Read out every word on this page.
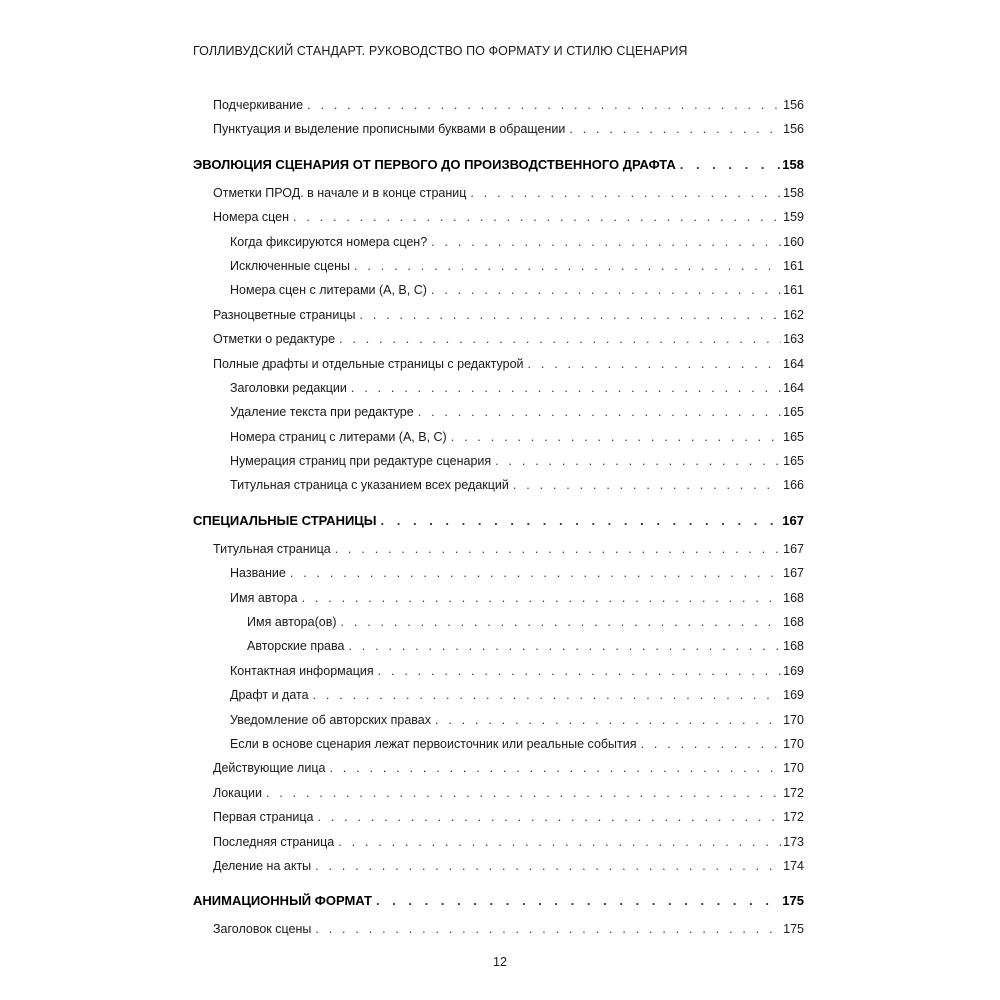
ГОЛЛИВУДСКИЙ СТАНДАРТ. РУКОВОДСТВО ПО ФОРМАТУ И СТИЛЮ СЦЕНАРИЯ
Подчеркивание . . .	156
Пунктуация и выделение прописными буквами в обращении . . .	156
ЭВОЛЮЦИЯ СЦЕНАРИЯ ОТ ПЕРВОГО ДО ПРОИЗВОДСТВЕННОГО ДРАФТА . . .	158
Отметки ПРОД. в начале и в конце страниц . . .	158
Номера сцен . . .	159
Когда фиксируются номера сцен? . . .	160
Исключенные сцены . . .	161
Номера сцен с литерами (A, B, C) . . .	161
Разноцветные страницы . . .	162
Отметки о редактуре . . .	163
Полные драфты и отдельные страницы с редактурой . . .	164
Заголовки редакции . . .	164
Удаление текста при редактуре . . .	165
Номера страниц с литерами (A, B, C) . . .	165
Нумерация страниц при редактуре сценария . . .	165
Титульная страница с указанием всех редакций . . .	166
СПЕЦИАЛЬНЫЕ СТРАНИЦЫ . . .	167
Титульная страница . . .	167
Название . . .	167
Имя автора . . .	168
Имя автора(ов) . . .	168
Авторские права . . .	168
Контактная информация . . .	169
Драфт и дата . . .	169
Уведомление об авторских правах . . .	170
Если в основе сценария лежат первоисточник или реальные события . . .	170
Действующие лица . . .	170
Локации . . .	172
Первая страница . . .	172
Последняя страница . . .	173
Деление на акты . . .	174
АНИМАЦИОННЫЙ ФОРМАТ . . .	175
Заголовок сцены . . .	175
12
